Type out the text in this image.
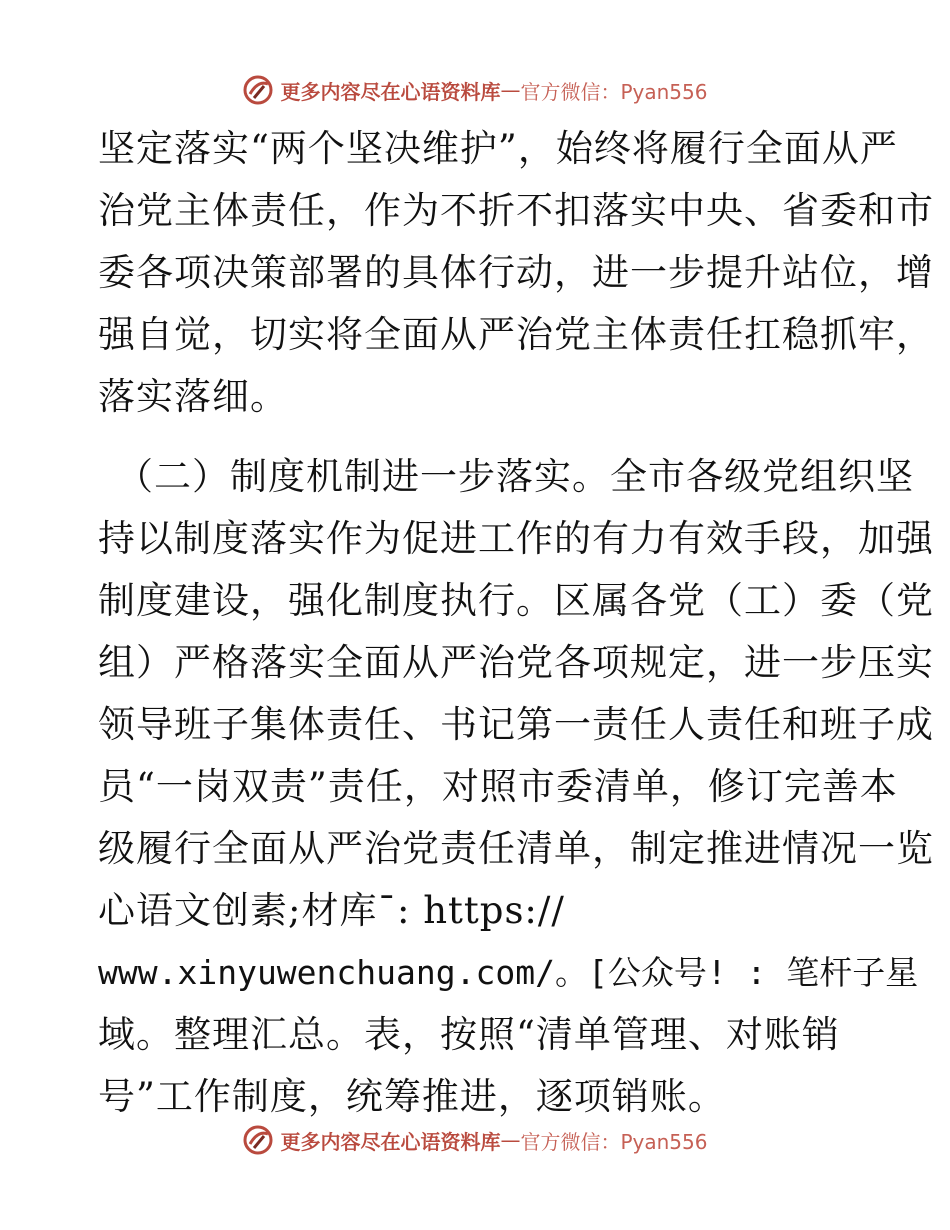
更多内容尽在心语资料库 — 官方微信：Pyan556
坚定落实“两个坚决维护”，始终将履行全面从严
治党主体责任，作为不折不扣落实中央、省委和市
委各项决策部署的具体行动，进一步提升站位，增
强自觉，切实将全面从严治党主体责任扛稳抓牢，
落实落细。
（二）制度机制进一步落实。全市各级党组织坚
持以制度落实作为促进工作的有力有效手段，加强
制度建设，强化制度执行。区属各党（工）委（党
组）严格落实全面从严治党各项规定，进一步压实
领导班子集体责任、书记第一责任人责任和班子成
员“一岗双责”责任，对照市委清单，修订完善本
级履行全面从严治党责任清单，制定推进情况一览
心语文创素;材库¯: https://
www.xinyuwenchuang.com/。[公众号! : 笔杆子星
域。整理汇总。表，按照“清单管理、对账销
号”工作制度，统筹推进，逐项销账。
更多内容尽在心语资料库 — 官方微信：Pyan556
